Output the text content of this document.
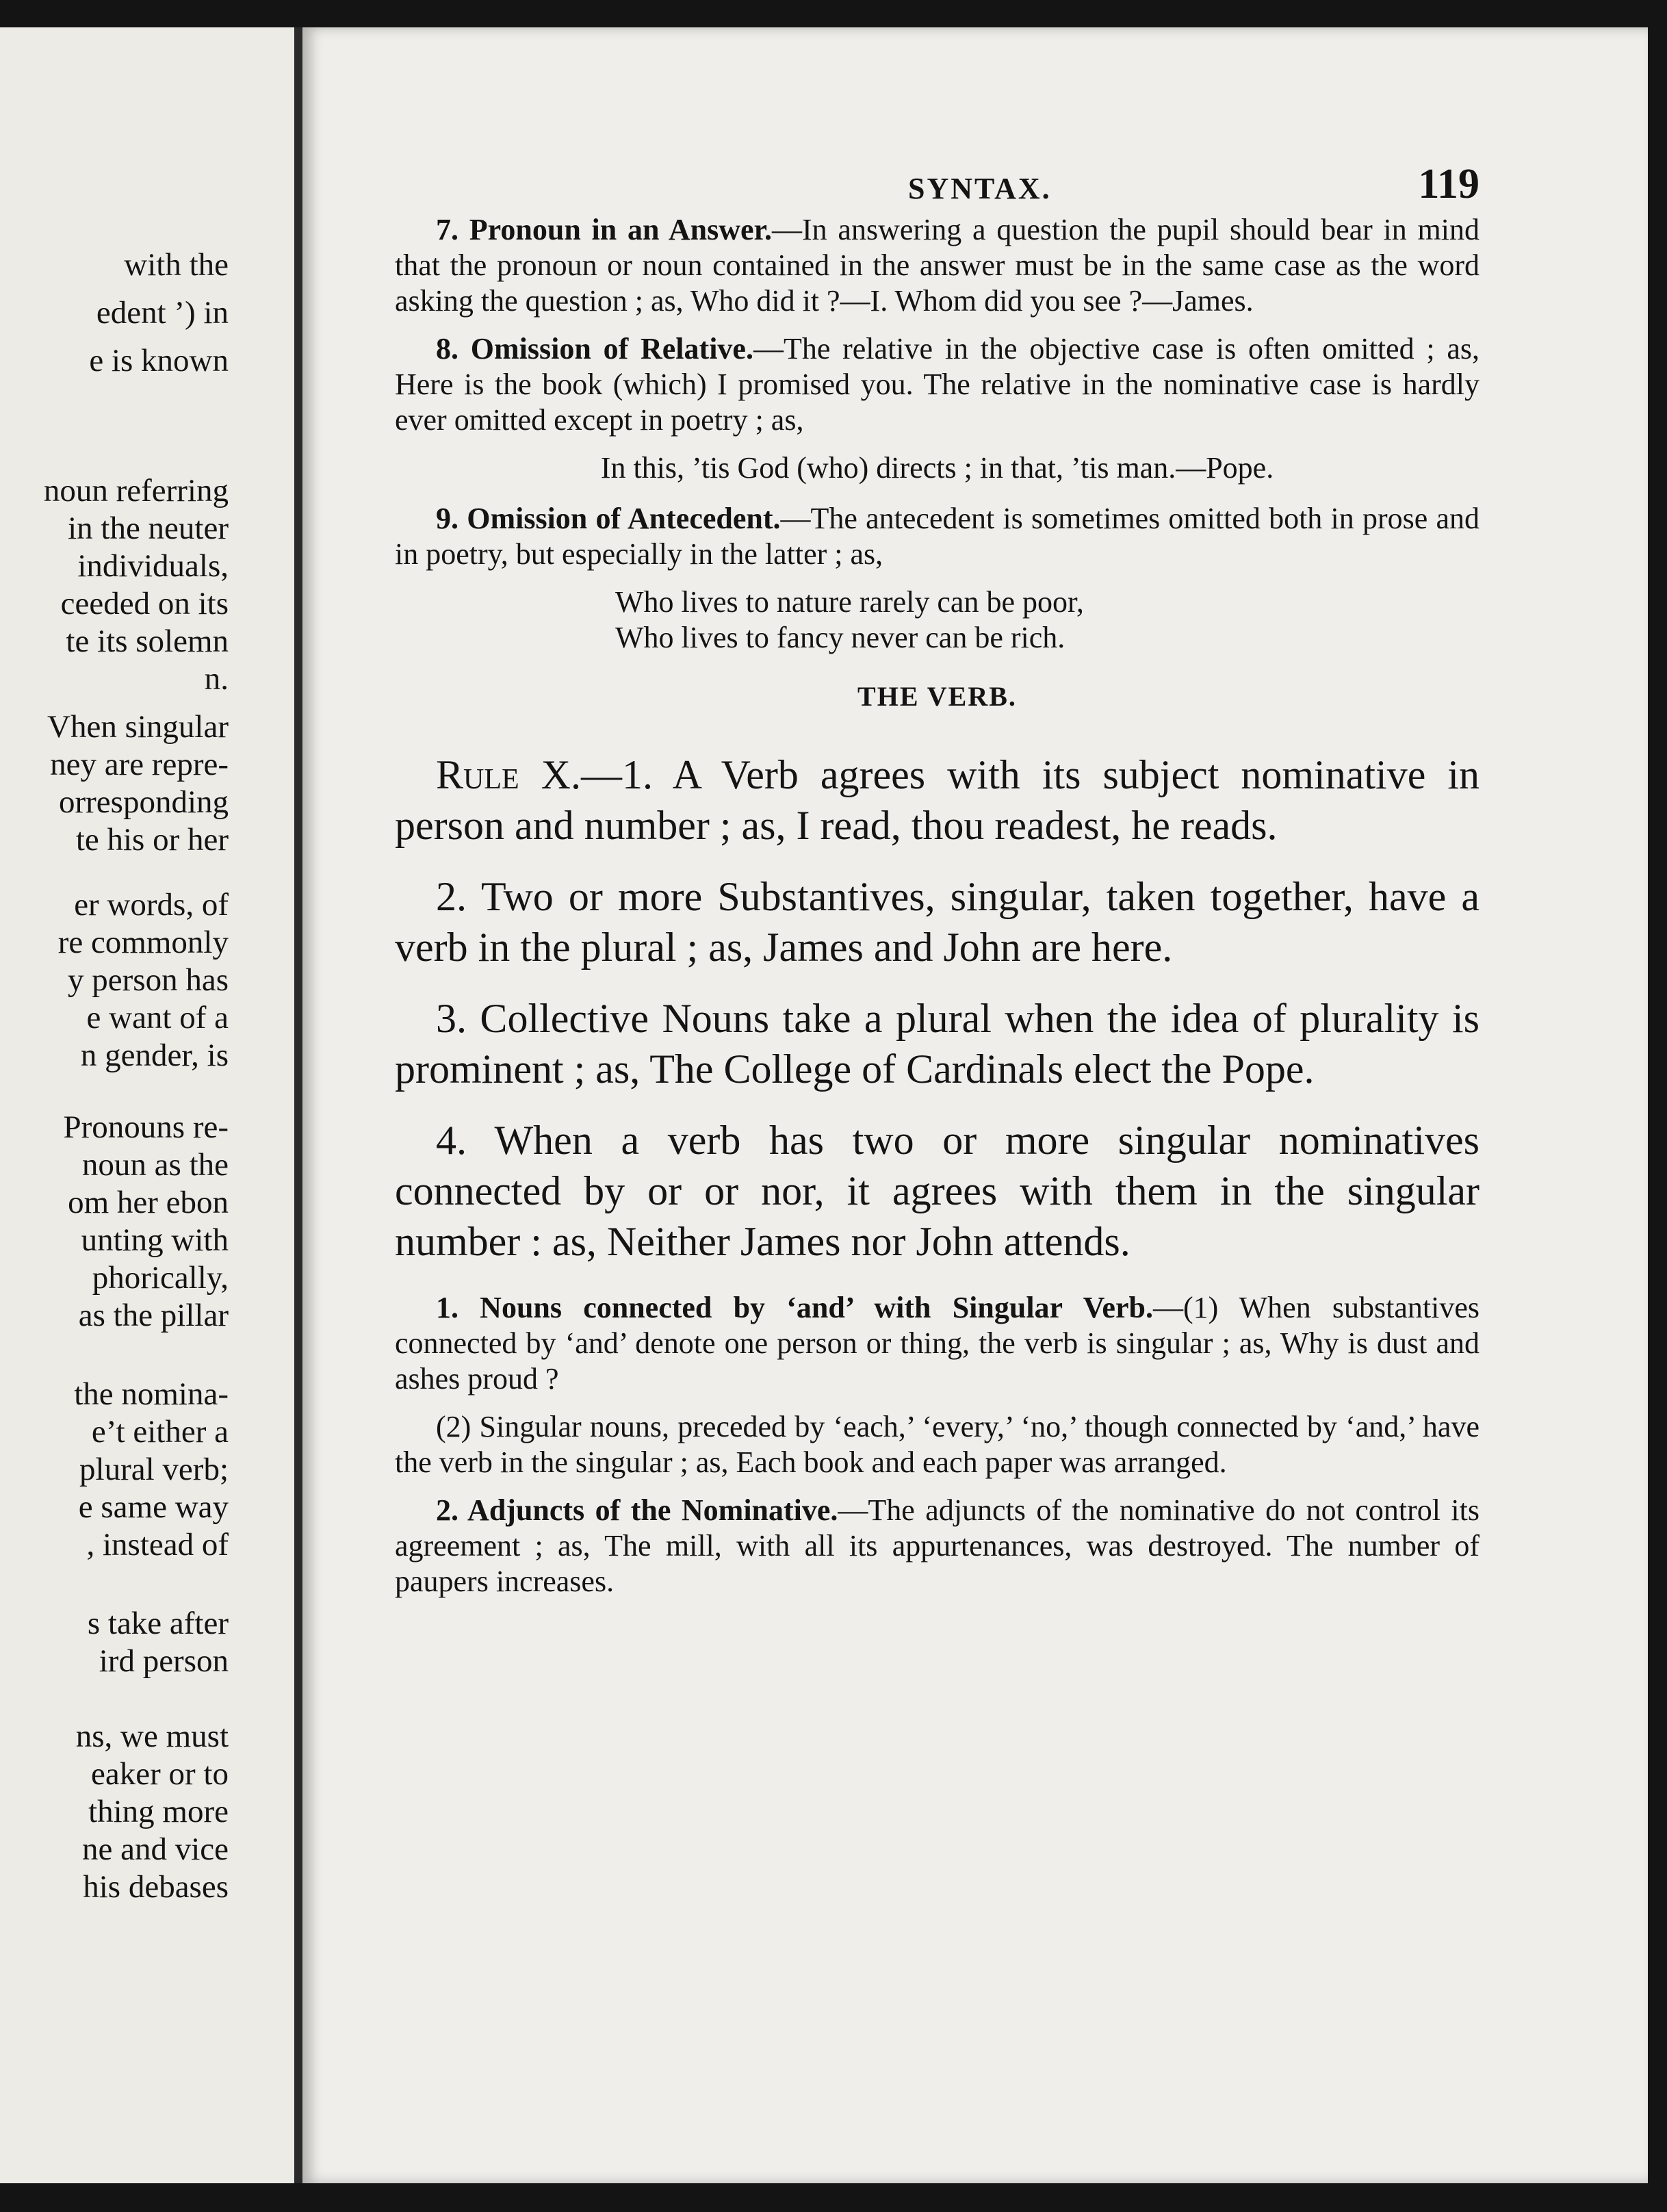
with the
edent ’) in
e is known
noun referring
in the neuter
individuals,
ceeded on its
te its solemn
n.
Vhen singular
ney are repre-
orresponding
te his or her
er words, of
re commonly
y person has
e want of a
n gender, is
Pronouns re-
noun as the
om her ebon
unting with
phorically,
as the pillar
the nomina-
e’t either a
plural verb;
e same way
, instead of
s take after
ird person
ns, we must
eaker or to
thing more
ne and vice
his debases
SYNTAX.	119

7. Pronoun in an Answer.—In answering a question the pupil should bear in mind that the pronoun or noun contained in the answer must be in the same case as the word asking the question ; as, Who did it ?—I. Whom did you see ?—James.

8. Omission of Relative.—The relative in the objective case is often omitted ; as, Here is the book (which) I promised you. The relative in the nominative case is hardly ever omitted except in poetry ; as,

In this, ’tis God (who) directs ; in that, ’tis man.—Pope.

9. Omission of Antecedent.—The antecedent is sometimes omitted both in prose and in poetry, but especially in the latter ; as,

Who lives to nature rarely can be poor,
Who lives to fancy never can be rich.
THE VERB.

Rule X.—1. A Verb agrees with its subject nominative in person and number ; as, I read, thou readest, he reads.

2. Two or more Substantives, singular, taken together, have a verb in the plural ; as, James and John are here.

3. Collective Nouns take a plural when the idea of plurality is prominent ; as, The College of Cardinals elect the Pope.

4. When a verb has two or more singular nominatives connected by or or nor, it agrees with them in the singular number : as, Neither James nor John attends.

1. Nouns connected by ‘and’ with Singular Verb.—(1) When substantives connected by ‘and’ denote one person or thing, the verb is singular ; as, Why is dust and ashes proud ?

(2) Singular nouns, preceded by ‘each,’ ‘every,’ ‘no,’ though connected by ‘and,’ have the verb in the singular ; as, Each book and each paper was arranged.

2. Adjuncts of the Nominative.—The adjuncts of the nominative do not control its agreement ; as, The mill, with all its appurtenances, was destroyed. The number of paupers increases.
